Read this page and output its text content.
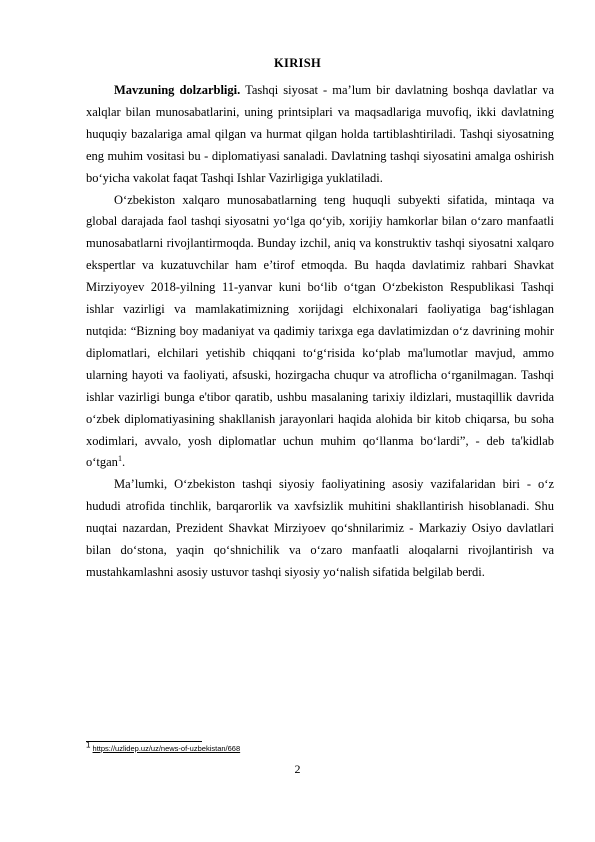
KIRISH

Mavzuning dolzarbligi. Tashqi siyosat - ma’lum bir davlatning boshqa davlatlar va xalqlar bilan munosabatlarini, uning printsiplari va maqsadlariga muvofiq, ikki davlatning huquqiy bazalariga amal qilgan va hurmat qilgan holda tartiblashtiriladi. Tashqi siyosatning eng muhim vositasi bu - diplomatiyasi sanaladi. Davlatning tashqi siyosatini amalga oshirish bo‘yicha vakolat faqat Tashqi Ishlar Vazirligiga yuklatiladi.

O‘zbekiston xalqaro munosabatlarning teng huquqli subyekti sifatida, mintaqa va global darajada faol tashqi siyosatni yo‘lga qo‘yib, xorijiy hamkorlar bilan o‘zaro manfaatli munosabatlarni rivojlantirmoqda. Bunday izchil, aniq va konstruktiv tashqi siyosatni xalqaro ekspertlar va kuzatuvchilar ham e’tirof etmoqda. Bu haqda davlatimiz rahbari Shavkat Mirziyoyev 2018-yilning 11-yanvar kuni bo‘lib o‘tgan O‘zbekiston Respublikasi Tashqi ishlar vazirligi va mamlakatimizning xorijdagi elchixonalari faoliyatiga bag‘ishlagan nutqida: “Bizning boy madaniyat va qadimiy tarixga ega davlatimizdan o‘z davrining mohir diplomatlari, elchilari yetishib chiqqani to‘g‘risida ko‘plab ma'lumotlar mavjud, ammo ularning hayoti va faoliyati, afsuski, hozirgacha chuqur va atroflicha o‘rganilmagan. Tashqi ishlar vazirligi bunga e'tibor qaratib, ushbu masalaning tarixiy ildizlari, mustaqillik davrida o‘zbek diplomatiyasining shakllanish jarayonlari haqida alohida bir kitob chiqarsa, bu soha xodimlari, avvalo, yosh diplomatlar uchun muhim qo‘llanma bo‘lardi”, - deb ta'kidlab o‘tgan$^1$.

Ma’lumki, O‘zbekiston tashqi siyosiy faoliyatining asosiy vazifalaridan biri - o‘z hududi atrofida tinchlik, barqarorlik va xavfsizlik muhitini shakllantirish hisoblanadi. Shu nuqtai nazardan, Prezident Shavkat Mirziyoev qo‘shnilarimiz - Markaziy Osiyo davlatlari bilan do‘stona, yaqin qo‘shnichilik va o‘zaro manfaatli aloqalarni rivojlantirish va mustahkamlashni asosiy ustuvor tashqi siyosiy yo‘nalish sifatida belgilab berdi.

$^1$ https://uzlidep.uz/uz/news-of-uzbekistan/668
2
